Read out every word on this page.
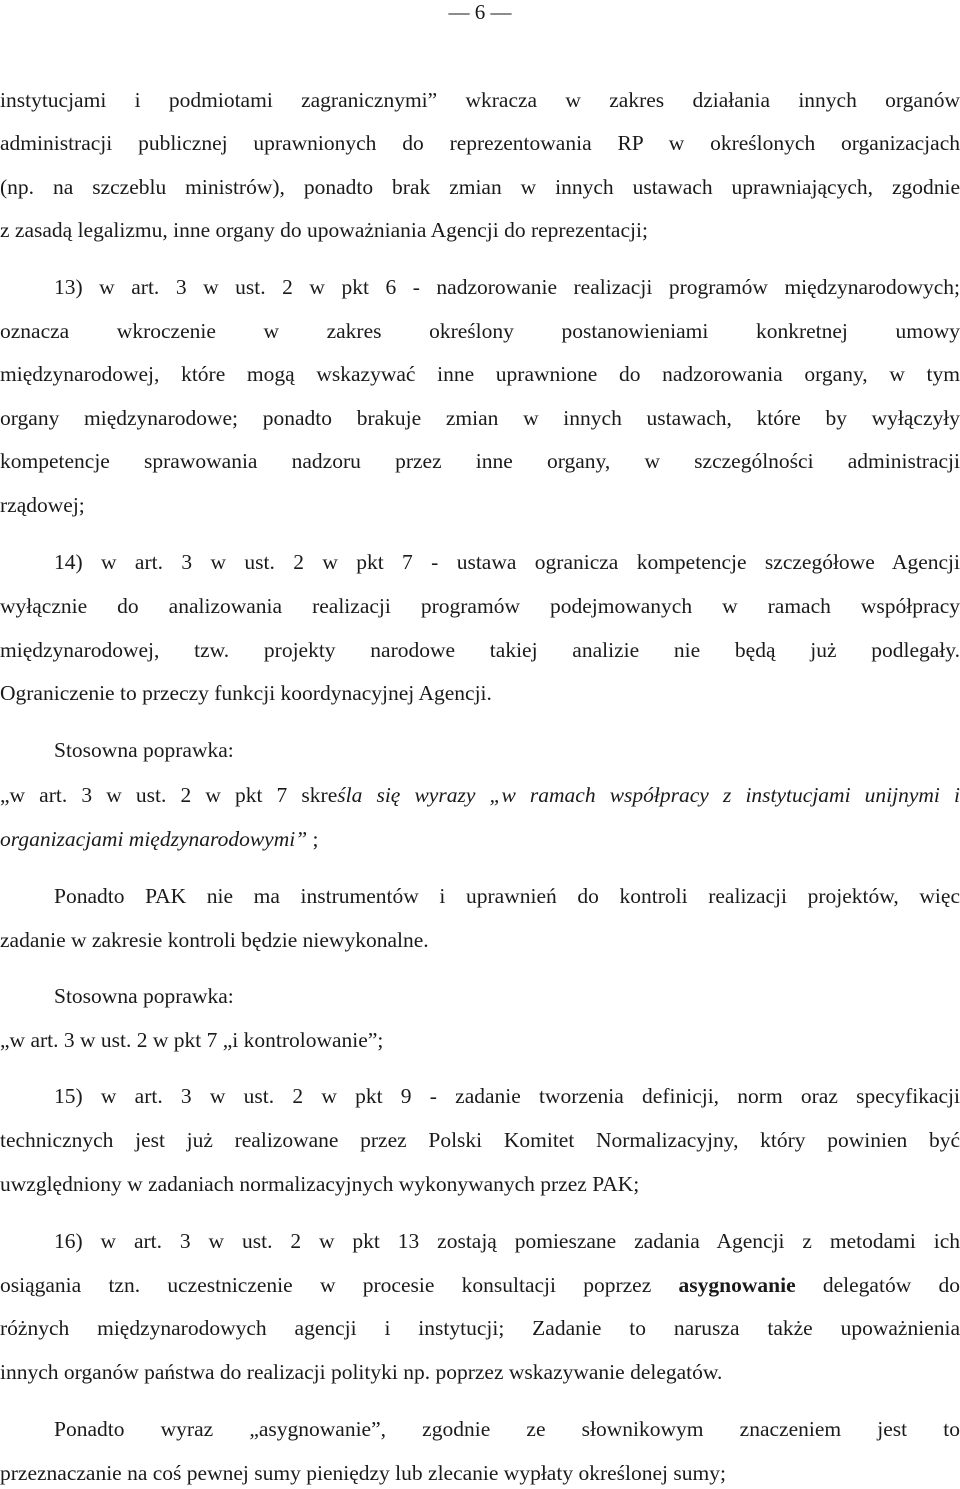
— 6 —
instytucjami i podmiotami zagranicznymi” wkracza w zakres działania innych organów
administracji publicznej uprawnionych do reprezentowania RP w określonych organizacjach
(np. na szczeblu ministrów), ponadto brak zmian w innych ustawach uprawniających, zgodnie
z zasadą legalizmu, inne organy do upoważniania Agencji do reprezentacji;
13) w art. 3 w ust. 2 w pkt 6 - nadzorowanie realizacji programów międzynarodowych;
oznacza wkroczenie w zakres określony postanowieniami konkretnej umowy
międzynarodowej, które mogą wskazywać inne uprawnione do nadzorowania organy, w tym
organy międzynarodowe; ponadto brakuje zmian w innych ustawach, które by wyłączyły
kompetencje sprawowania nadzoru przez inne organy, w szczególności administracji
rządowej;
14) w art. 3 w ust. 2 w pkt 7 - ustawa ogranicza kompetencje szczegółowe Agencji
wyłącznie do analizowania realizacji programów podejmowanych w ramach współpracy
międzynarodowej, tzw. projekty narodowe takiej analizie nie będą już podlegały.
Ograniczenie to przeczy funkcji koordynacyjnej Agencji.
Stosowna poprawka:
„w art. 3 w ust. 2 w pkt 7 skreśla się wyrazy „w ramach współpracy z instytucjami unijnymi i
organizacjami międzynarodowymi” ;
Ponadto PAK nie ma instrumentów i uprawnień do kontroli realizacji projektów, więc
zadanie w zakresie kontroli będzie niewykonalne.
Stosowna poprawka:
„w art. 3 w ust. 2 w pkt 7 „i kontrolowanie”;
15) w art. 3 w ust. 2 w pkt 9 - zadanie tworzenia definicji, norm oraz specyfikacji
technicznych jest już realizowane przez Polski Komitet Normalizacyjny, który powinien być
uwzględniony w zadaniach normalizacyjnych wykonywanych przez PAK;
16) w art. 3 w ust. 2 w pkt 13 zostają pomieszane zadania Agencji z metodami ich
osiągania tzn. uczestniczenie w procesie konsultacji poprzez asygnowanie delegatów do
różnych międzynarodowych agencji i instytucji; Zadanie to narusza także upoważnienia
innych organów państwa do realizacji polityki np. poprzez wskazywanie delegatów.
Ponadto wyraz „asygnowanie”, zgodnie ze słownikowym znaczeniem jest to
przeznaczanie na coś pewnej sumy pieniędzy lub zlecanie wypłaty określonej sumy;
